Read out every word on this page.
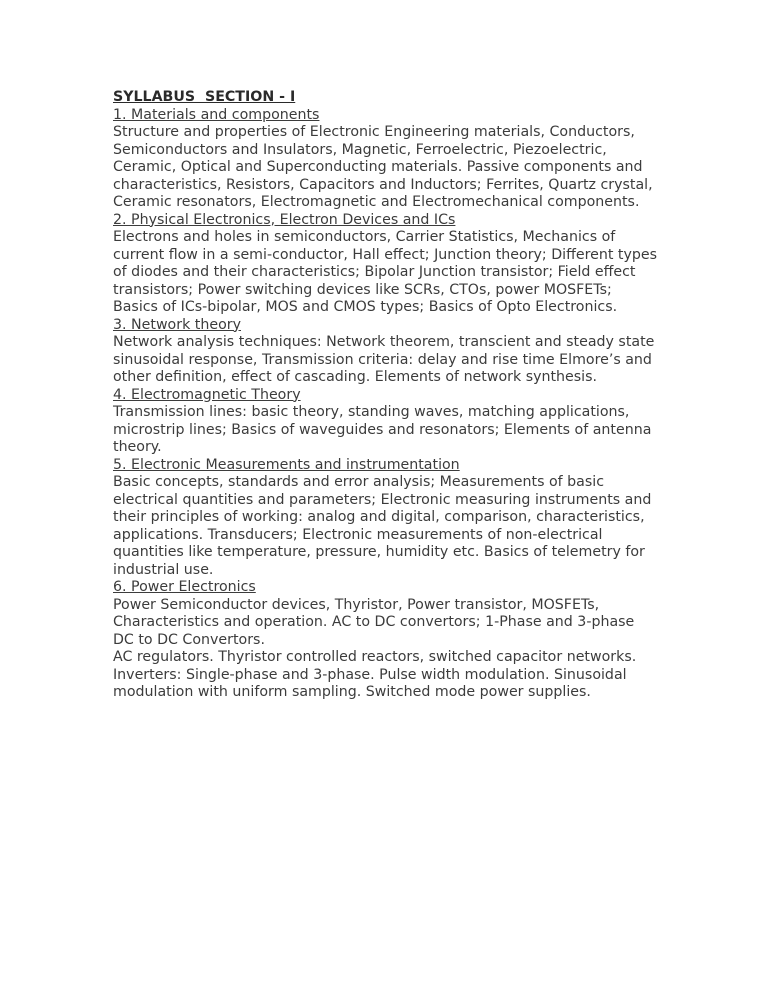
SYLLABUS  SECTION - I
1. Materials and components

Structure and properties of Electronic Engineering materials, Conductors, Semiconductors and Insulators, Magnetic, Ferroelectric, Piezoelectric, Ceramic, Optical and Superconducting materials. Passive components and characteristics, Resistors, Capacitors and Inductors; Ferrites, Quartz crystal, Ceramic resonators, Electromagnetic and Electromechanical components.

2. Physical Electronics, Electron Devices and ICs

Electrons and holes in semiconductors, Carrier Statistics, Mechanics of current flow in a semi-conductor, Hall effect; Junction theory; Different types of diodes and their characteristics; Bipolar Junction transistor; Field effect transistors; Power switching devices like SCRs, CTOs, power MOSFETs; Basics of ICs-bipolar, MOS and CMOS types; Basics of Opto Electronics.

3. Network theory

Network analysis techniques: Network theorem, transcient and steady state sinusoidal response, Transmission criteria: delay and rise time Elmore’s and other definition, effect of cascading. Elements of network synthesis.

4. Electromagnetic Theory

Transmission lines: basic theory, standing waves, matching applications, microstrip lines; Basics of waveguides and resonators; Elements of antenna theory.

5. Electronic Measurements and instrumentation

Basic concepts, standards and error analysis; Measurements of basic electrical quantities and parameters; Electronic measuring instruments and their principles of working: analog and digital, comparison, characteristics, applications. Transducers; Electronic measurements of non-electrical quantities like temperature, pressure, humidity etc. Basics of telemetry for industrial use.

6. Power Electronics

Power Semiconductor devices, Thyristor, Power transistor, MOSFETs, Characteristics and operation. AC to DC convertors; 1-Phase and 3-phase DC to DC Convertors.

AC regulators. Thyristor controlled reactors, switched capacitor networks.

Inverters: Single-phase and 3-phase. Pulse width modulation. Sinusoidal modulation with uniform sampling. Switched mode power supplies.
